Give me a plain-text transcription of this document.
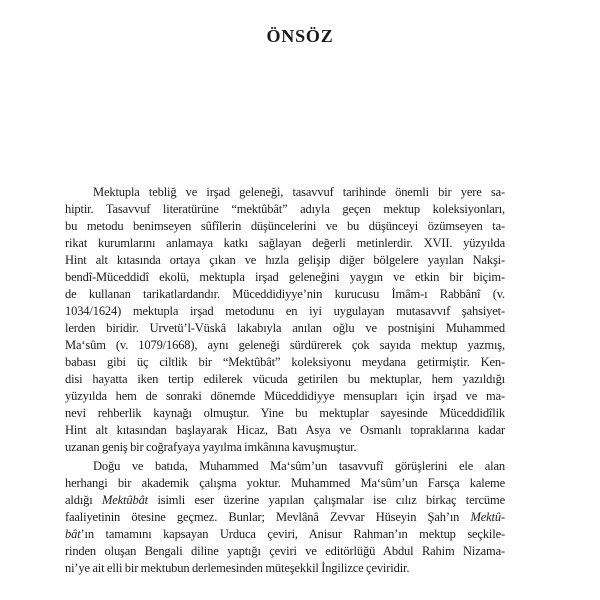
ÖNSÖZ
Mektupla tebliğ ve irşad geleneği, tasavvuf tarihinde önemli bir yere sa-
hiptir. Tasavvuf literatürüne “mektûbât” adıyla geçen mektup koleksiyonları,
bu metodu benimseyen sûfîlerin düşüncelerini ve bu düşünceyi özümseyen ta-
rikat kurumlarını anlamaya katkı sağlayan değerli metinlerdir. XVII. yüzyılda
Hint alt kıtasında ortaya çıkan ve hızla gelişip diğer bölgelere yayılan Nakşi-
bendî-Müceddidî ekolü, mektupla irşad geleneğini yaygın ve etkin bir biçim-
de kullanan tarikatlardandır. Müceddidiyye’nin kurucusu İmâm-ı Rabbânî (v.
1034/1624) mektupla irşad metodunu en iyi uygulayan mutasavvıf şahsiyet-
lerden biridir. Urvetü’l-Vüskâ lakabıyla anılan oğlu ve postnişini Muhammed
Ma‘sûm (v. 1079/1668), aynı geleneği sürdürerek çok sayıda mektup yazmış,
babası gibi üç ciltlik bir “Mektûbât” koleksiyonu meydana getirmiştir. Ken-
disi hayatta iken tertip edilerek vücuda getirilen bu mektuplar, hem yazıldığı
yüzyılda hem de sonraki dönemde Müceddidiyye mensupları için irşad ve ma-
nevi rehberlik kaynağı olmuştur. Yine bu mektuplar sayesinde Müceddidîlik
Hint alt kıtasından başlayarak Hicaz, Batı Asya ve Osmanlı topraklarına kadar
uzanan geniş bir coğrafyaya yayılma imkânına kavuşmuştur.
Doğu ve batıda, Muhammed Ma‘sûm’un tasavvufî görüşlerini ele alan
herhangi bir akademik çalışma yoktur. Muhammed Ma‘sûm’un Farsça kaleme
aldığı Mektûbât isimli eser üzerine yapılan çalışmalar ise cılız birkaç tercüme
faaliyetinin ötesine geçmez. Bunlar; Mevlânâ Zevvar Hüseyin Şah’ın Mektû-
bât’ın tamamını kapsayan Urduca çeviri, Anisur Rahman’ın mektup seçkile-
rinden oluşan Bengali diline yaptığı çeviri ve editörlüğü Abdul Rahim Nizama-
ni’ye ait elli bir mektubun derlemesinden müteşekkil İngilizce çeviridir.
